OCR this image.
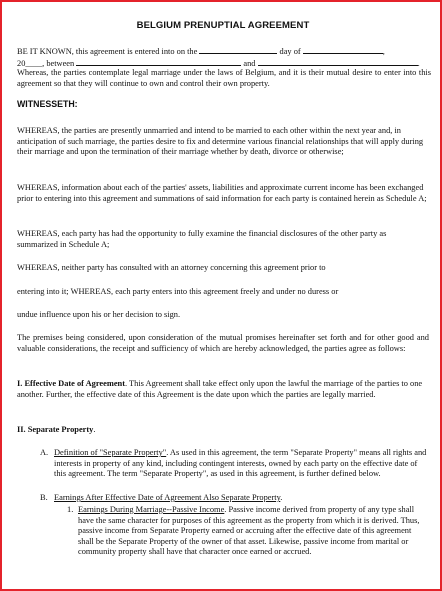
BELGIUM PRENUPTIAL AGREEMENT
BE IT KNOWN, this agreement is entered into on the	day of	,
20____, between	and	.
Whereas, the parties contemplate legal marriage under the laws of Belgium, and it is their mutual desire to enter into this agreement so that they will continue to own and control their own property.
WITNESSETH:
WHEREAS, the parties are presently unmarried and intend to be married to each other within the next year and, in anticipation of such marriage, the parties desire to fix and determine various financial relationships that will apply during their marriage and upon the termination of their marriage whether by death, divorce or otherwise;
WHEREAS, information about each of the parties' assets, liabilities and approximate current income has been exchanged prior to entering into this agreement and summations of said information for each party is contained herein as Schedule A;
WHEREAS, each party has had the opportunity to fully examine the financial disclosures of the other party as summarized in Schedule A;
WHEREAS, neither party has consulted with an attorney concerning this agreement prior to
entering into it; WHEREAS, each party enters into this agreement freely and under no duress or
undue influence upon his or her decision to sign.
The premises being considered, upon consideration of the mutual promises hereinafter set forth and for other good and valuable considerations, the receipt and sufficiency of which are hereby acknowledged, the parties agree as follows:
I. Effective Date of Agreement. This Agreement shall take effect only upon the lawful the marriage of the parties to one another. Further, the effective date of this Agreement is the date upon which the parties are legally married.
II. Separate Property.
A. Definition of "Separate Property". As used in this agreement, the term "Separate Property" means all rights and interests in property of any kind, including contingent interests, owned by each party on the effective date of this agreement. The term "Separate Property", as used in this agreement, is further defined below.
B. Earnings After Effective Date of Agreement Also Separate Property.
1. Earnings During Marriage--Passive Income. Passive income derived from property of any type shall have the same character for purposes of this agreement as the property from which it is derived. Thus, passive income from Separate Property earned or accruing after the effective date of this agreement shall be the Separate Property of the owner of that asset. Likewise, passive income from marital or community property shall have that character once earned or accrued.
